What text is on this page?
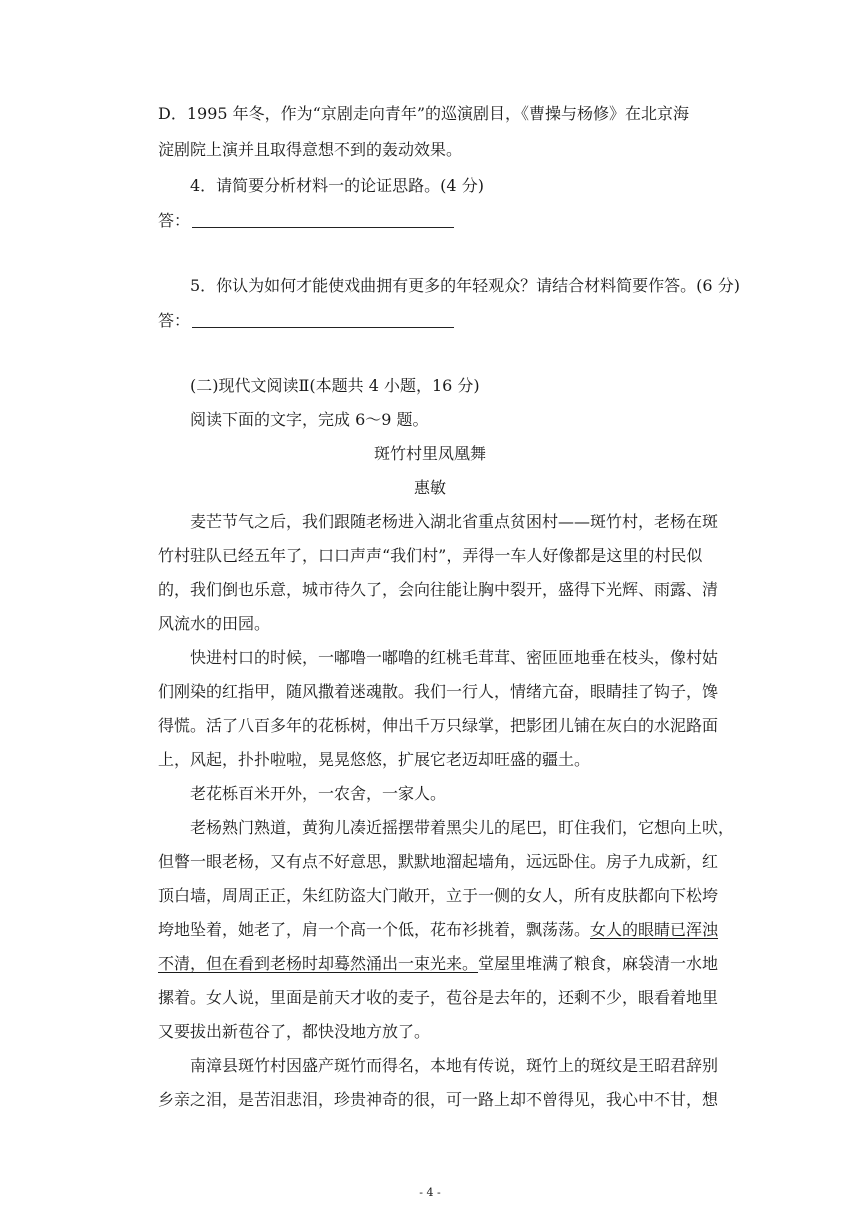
D．1995 年冬，作为“京剧走向青年”的巡演剧目，《曹操与杨修》在北京海
淀剧院上演并且取得意想不到的轰动效果。
4．请简要分析材料一的论证思路。(4 分)
答：
5．你认为如何才能使戏曲拥有更多的年轻观众？请结合材料简要作答。(6 分)
答：
(二)现代文阅读Ⅱ(本题共 4 小题，16 分)
阅读下面的文字，完成 6～9 题。
斑竹村里凤凰舞
惠敏
麦芒节气之后，我们跟随老杨进入湖北省重点贫困村——斑竹村，老杨在斑
竹村驻队已经五年了，口口声声“我们村”，弄得一车人好像都是这里的村民似
的，我们倒也乐意，城市待久了，会向往能让胸中裂开，盛得下光辉、雨露、清
风流水的田园。
快进村口的时候，一嘟噜一嘟噜的红桃毛茸茸、密匝匝地垂在枝头，像村姑
们刚染的红指甲，随风撒着迷魂散。我们一行人，情绪亢奋，眼睛挂了钩子，馋
得慌。活了八百多年的花栎树，伸出千万只绿掌，把影团儿铺在灰白的水泥路面
上，风起，扑扑啦啦，晃晃悠悠，扩展它老迈却旺盛的疆土。
老花栎百米开外，一农舍，一家人。
老杨熟门熟道，黄狗儿凑近摇摆带着黑尖儿的尾巴，盯住我们，它想向上吠，
但瞥一眼老杨，又有点不好意思，默默地溜起墙角，远远卧住。房子九成新，红
顶白墙，周周正正，朱红防盗大门敞开，立于一侧的女人，所有皮肤都向下松垮
垮地坠着，她老了，肩一个高一个低，花布衫挑着，飘荡荡。女人的眼睛已浑浊
不清，但在看到老杨时却蓦然涌出一束光来。堂屋里堆满了粮食，麻袋清一水地
摞着。女人说，里面是前天才收的麦子，苞谷是去年的，还剩不少，眼看着地里
又要拔出新苞谷了，都快没地方放了。
南漳县斑竹村因盛产斑竹而得名，本地有传说，斑竹上的斑纹是王昭君辞别
乡亲之泪，是苦泪悲泪，珍贵神奇的很，可一路上却不曾得见，我心中不甘，想
- 4 -
